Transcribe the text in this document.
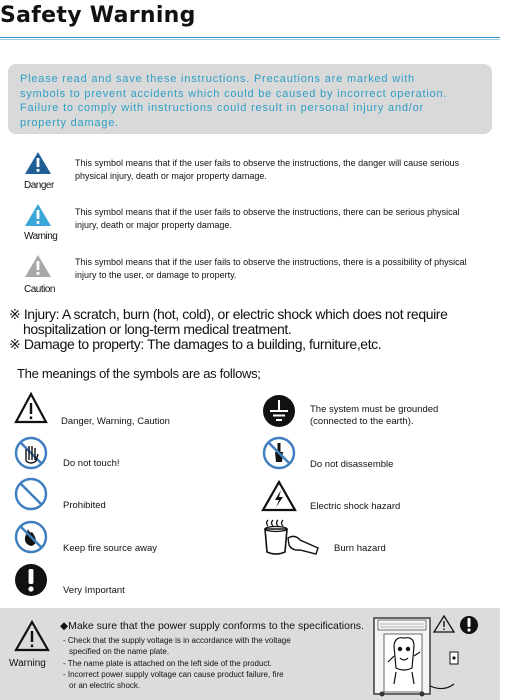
Safety Warning
Please read and save these instructions. Precautions are marked with
symbols to prevent accidents which could be caused by incorrect operation.
Failure to comply with instructions could result in personal injury and/or
property damage.
Danger
This symbol means that if the user fails to observe the instructions, the danger will cause serious
physical injury, death or major property damage.
Warning
This symbol means that if the user fails to observe the instructions, there can be serious physical
injury, death or major property damage.
Caution
This symbol means that if the user fails to observe the instructions, there is a possibility of physical
injury to the user, or damage to property.
※ Injury: A scratch, burn (hot, cold), or electric shock which does not require
hospitalization or long-term medical treatment.
※ Damage to property: The damages to a building, furniture,etc.
The meanings of the symbols are as follows;
Danger, Warning, Caution
Do not touch!
Prohibited
Keep fire source away
Very Important
The system must be grounded
(connected to the earth).
Do not disassemble
Electric shock hazard
Burn hazard
Warning
◆Make sure that the power supply conforms to the specifications.
- Check that the supply voltage is in accordance with the voltage
specified on the name plate.
- The name plate is attached on the left side of the product.
- Incorrect power supply voltage can cause product failure, fire
or an electric shock.
